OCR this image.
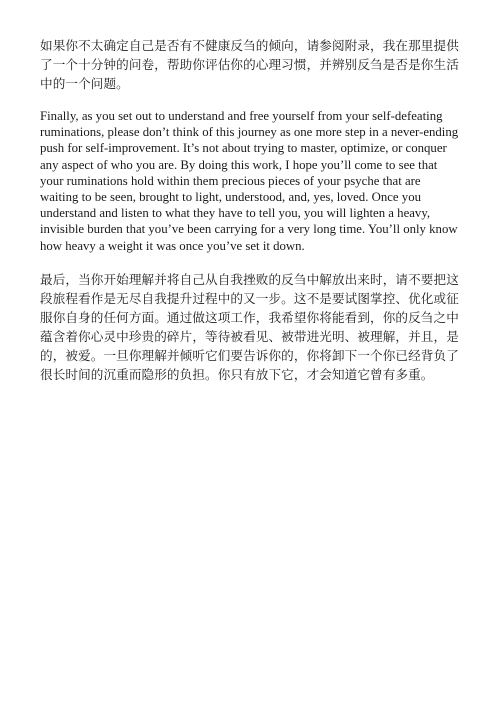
如果你不太确定自己是否有不健康反刍的倾向，请参阅附录，我在那里提供了一个十分钟的问卷，帮助你评估你的心理习惯，并辨别反刍是否是你生活中的一个问题。

Finally, as you set out to understand and free yourself from your self-defeating ruminations, please don’t think of this journey as one more step in a never-ending push for self-improvement. It’s not about trying to master, optimize, or conquer any aspect of who you are. By doing this work, I hope you’ll come to see that your ruminations hold within them precious pieces of your psyche that are waiting to be seen, brought to light, understood, and, yes, loved. Once you understand and listen to what they have to tell you, you will lighten a heavy, invisible burden that you’ve been carrying for a very long time. You’ll only know how heavy a weight it was once you’ve set it down.

最后，当你开始理解并将自己从自我挫败的反刍中解放出来时，请不要把这段旅程看作是无尽自我提升过程中的又一步。这不是要试图掌控、优化或征服你自身的任何方面。通过做这项工作，我希望你将能看到，你的反刍之中蕴含着你心灵中珍贵的碎片，等待被看见、被带进光明、被理解，并且，是的，被爱。一旦你理解并倾听它们要告诉你的，你将卸下一个你已经背负了很长时间的沉重而隐形的负担。你只有放下它，才会知道它曾有多重。
